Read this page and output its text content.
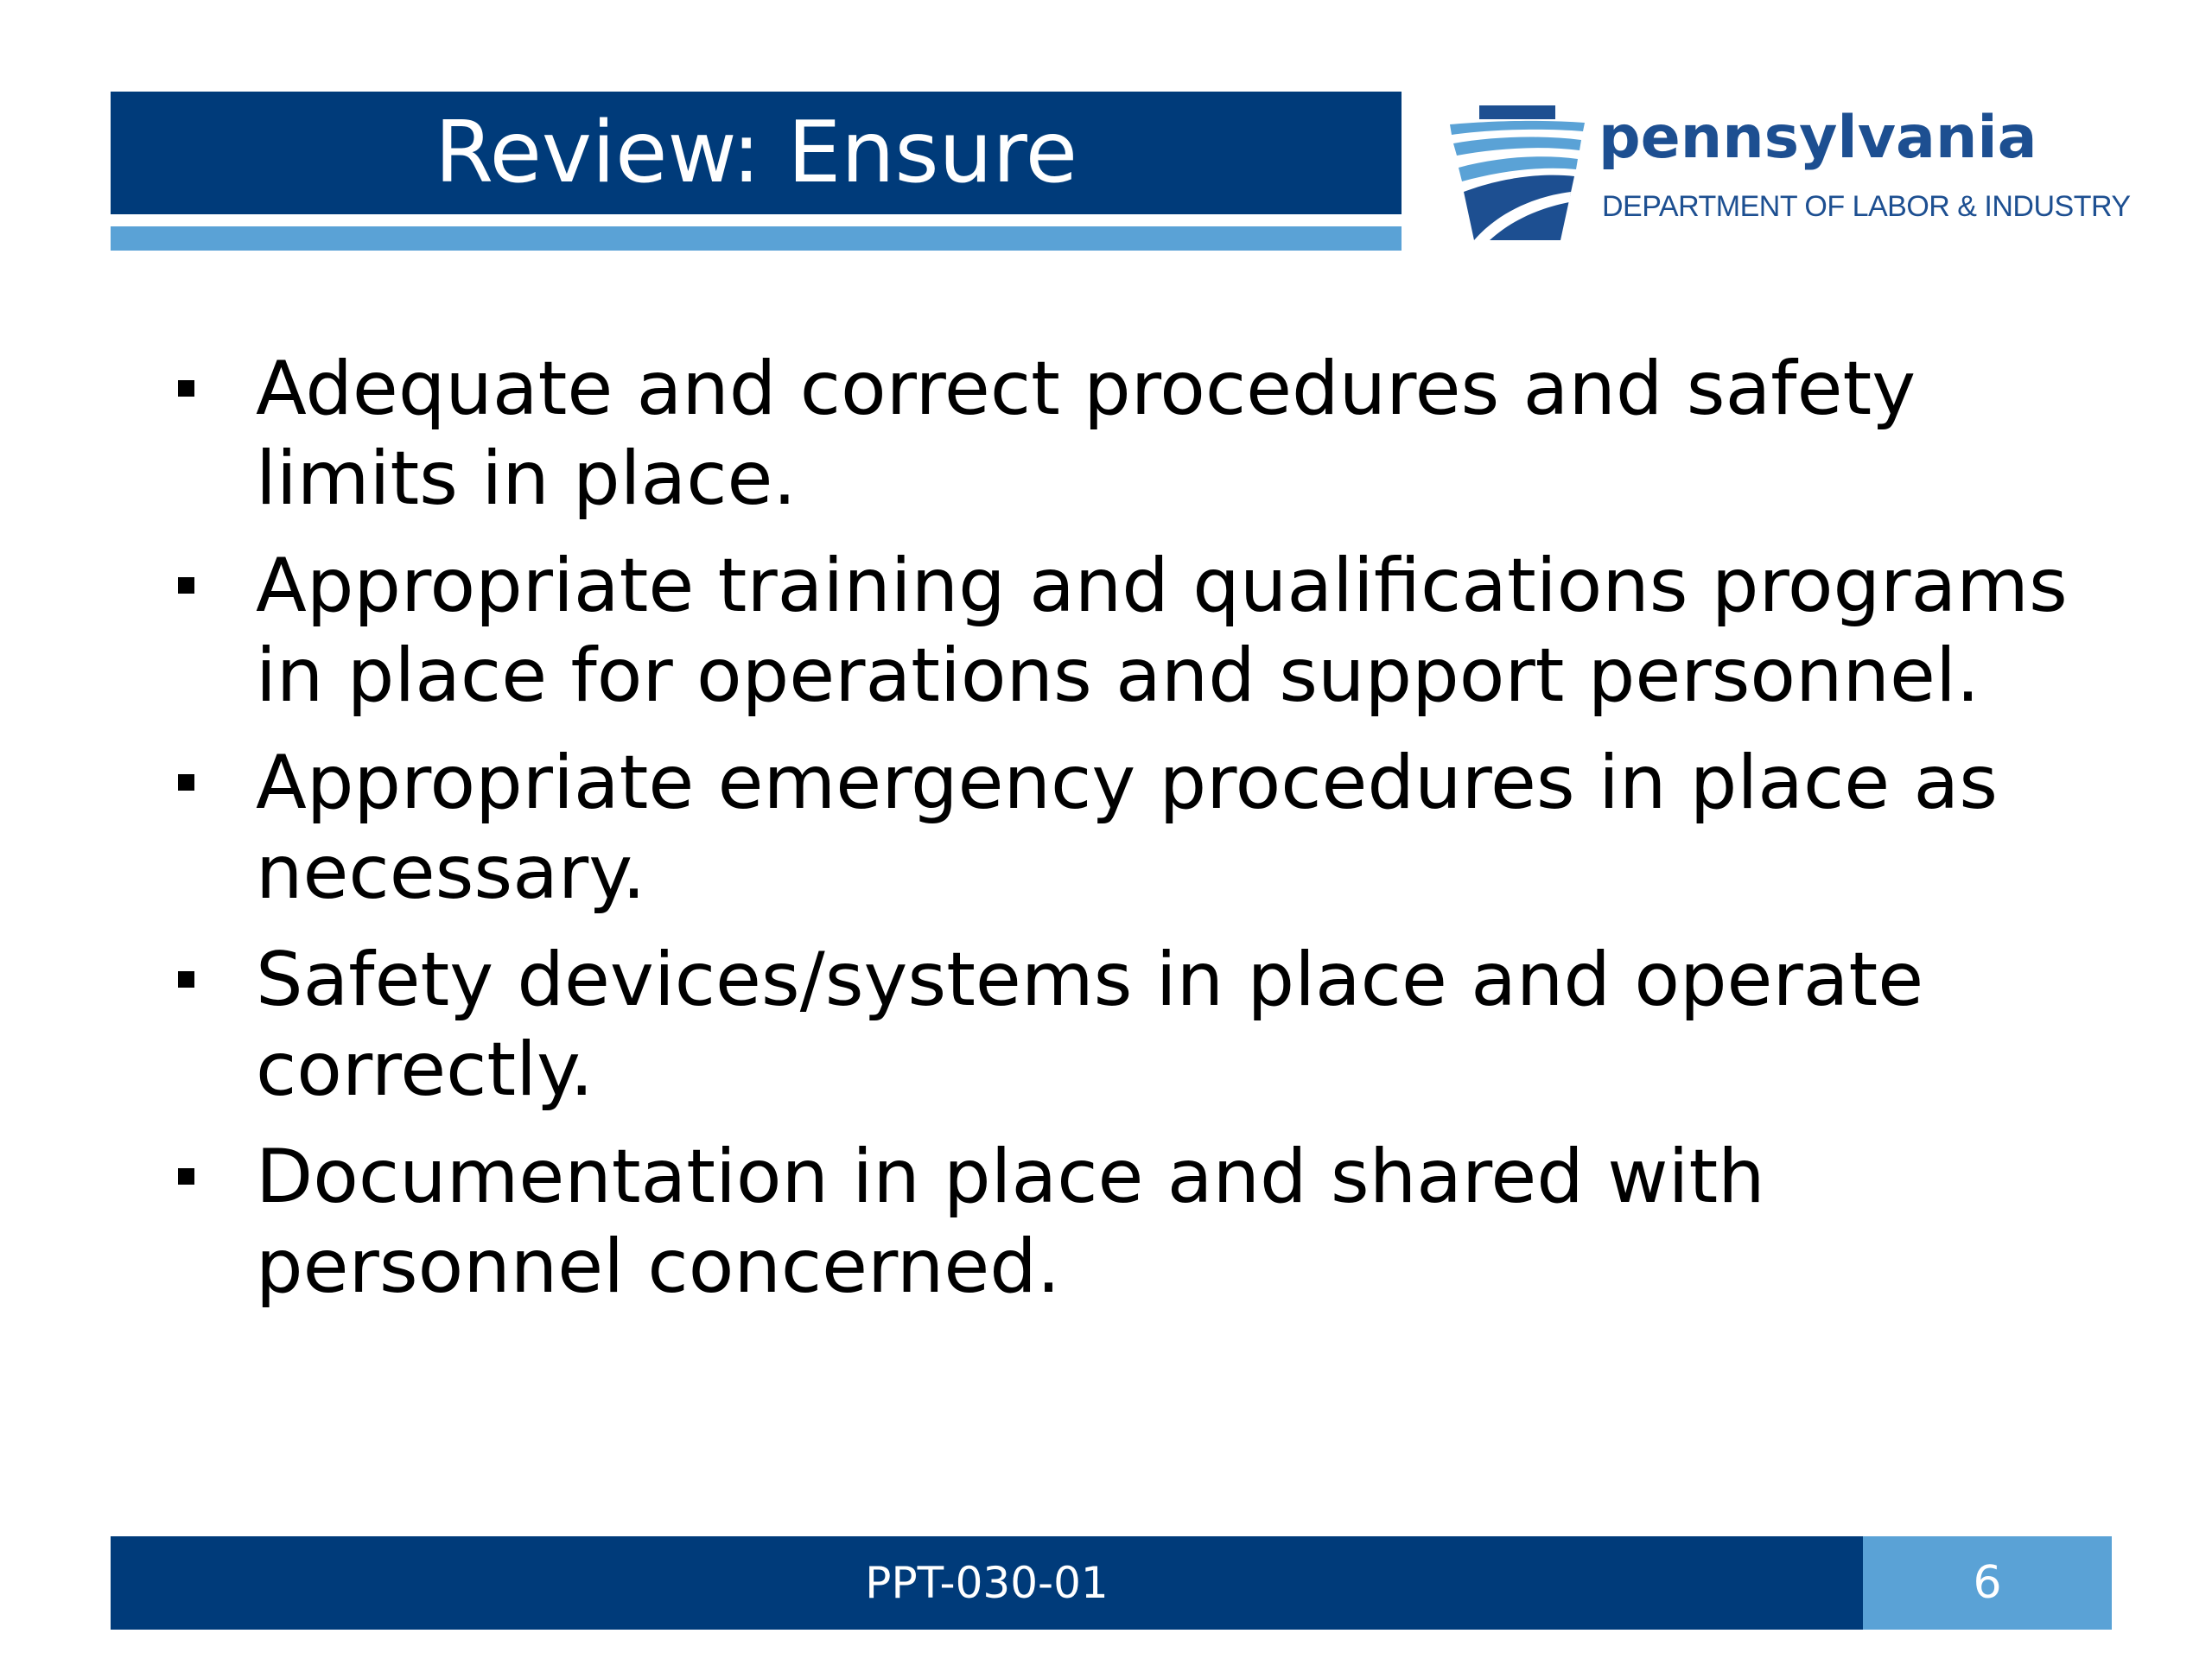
Review: Ensure	pennsylvania
DEPARTMENT OF LABOR & INDUSTRY
Adequate and correct procedures and safety limits in place.
Appropriate training and qualifications programs in place for operations and support personnel.
Appropriate emergency procedures in place as necessary.
Safety devices/systems in place and operate correctly.
Documentation in place and shared with personnel concerned.
PPT-030-01	6
